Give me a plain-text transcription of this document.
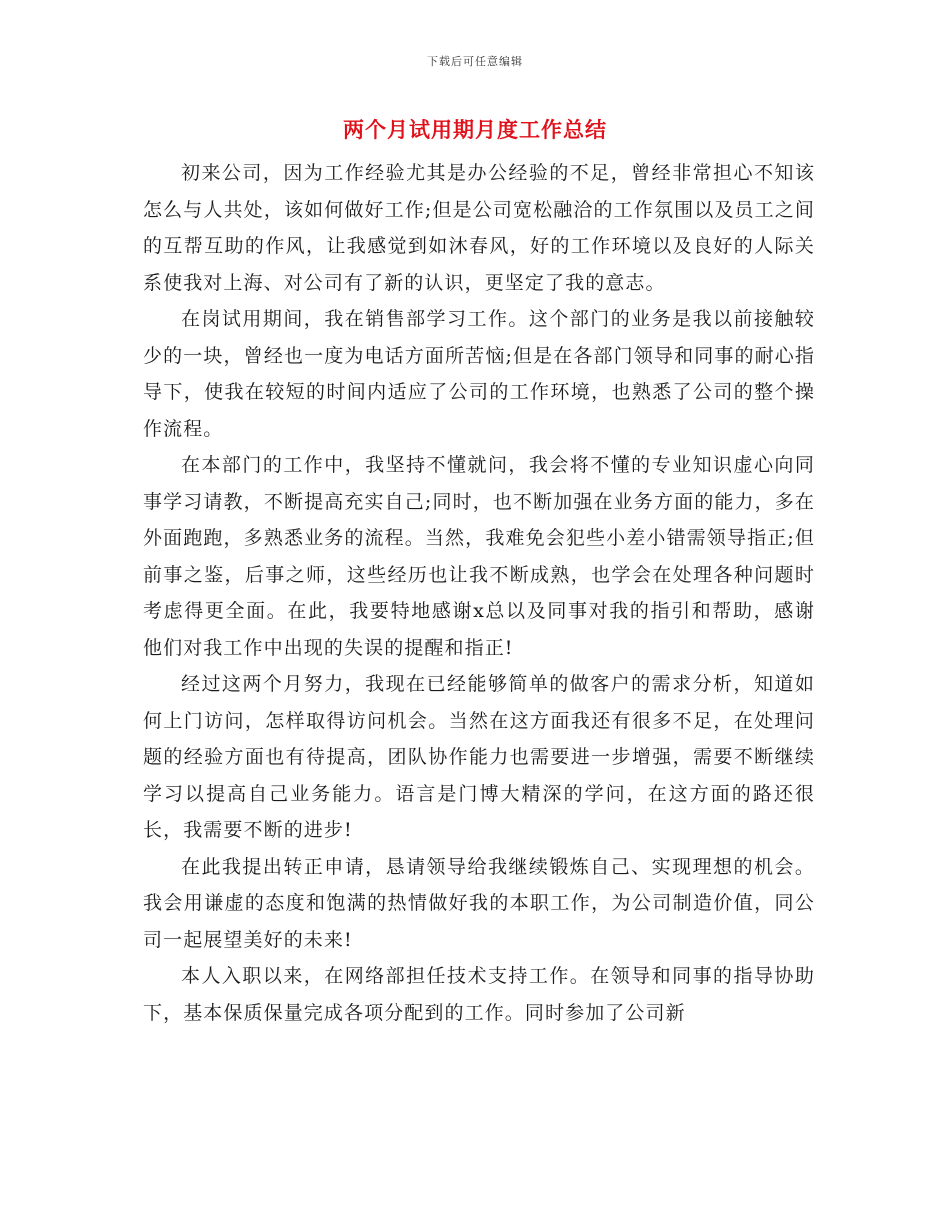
下载后可任意编辑
两个月试用期月度工作总结

初来公司，因为工作经验尤其是办公经验的不足，曾经非常担心不知该怎么与人共处，该如何做好工作;但是公司宽松融洽的工作氛围以及员工之间的互帮互助的作风，让我感觉到如沐春风，好的工作环境以及良好的人际关系使我对上海、对公司有了新的认识，更坚定了我的意志。

在岗试用期间，我在销售部学习工作。这个部门的业务是我以前接触较少的一块，曾经也一度为电话方面所苦恼;但是在各部门领导和同事的耐心指导下，使我在较短的时间内适应了公司的工作环境，也熟悉了公司的整个操作流程。

在本部门的工作中，我坚持不懂就问，我会将不懂的专业知识虚心向同事学习请教，不断提高充实自己;同时，也不断加强在业务方面的能力，多在外面跑跑，多熟悉业务的流程。当然，我难免会犯些小差小错需领导指正;但前事之鉴，后事之师，这些经历也让我不断成熟，也学会在处理各种问题时考虑得更全面。在此，我要特地感谢x总以及同事对我的指引和帮助，感谢他们对我工作中出现的失误的提醒和指正!

经过这两个月努力，我现在已经能够简单的做客户的需求分析，知道如何上门访问，怎样取得访问机会。当然在这方面我还有很多不足，在处理问题的经验方面也有待提高，团队协作能力也需要进一步增强，需要不断继续学习以提高自己业务能力。语言是门博大精深的学问，在这方面的路还很长，我需要不断的进步!

在此我提出转正申请，恳请领导给我继续锻炼自己、实现理想的机会。我会用谦虚的态度和饱满的热情做好我的本职工作，为公司制造价值，同公司一起展望美好的未来!

本人入职以来，在网络部担任技术支持工作。在领导和同事的指导协助下，基本保质保量完成各项分配到的工作。同时参加了公司新
